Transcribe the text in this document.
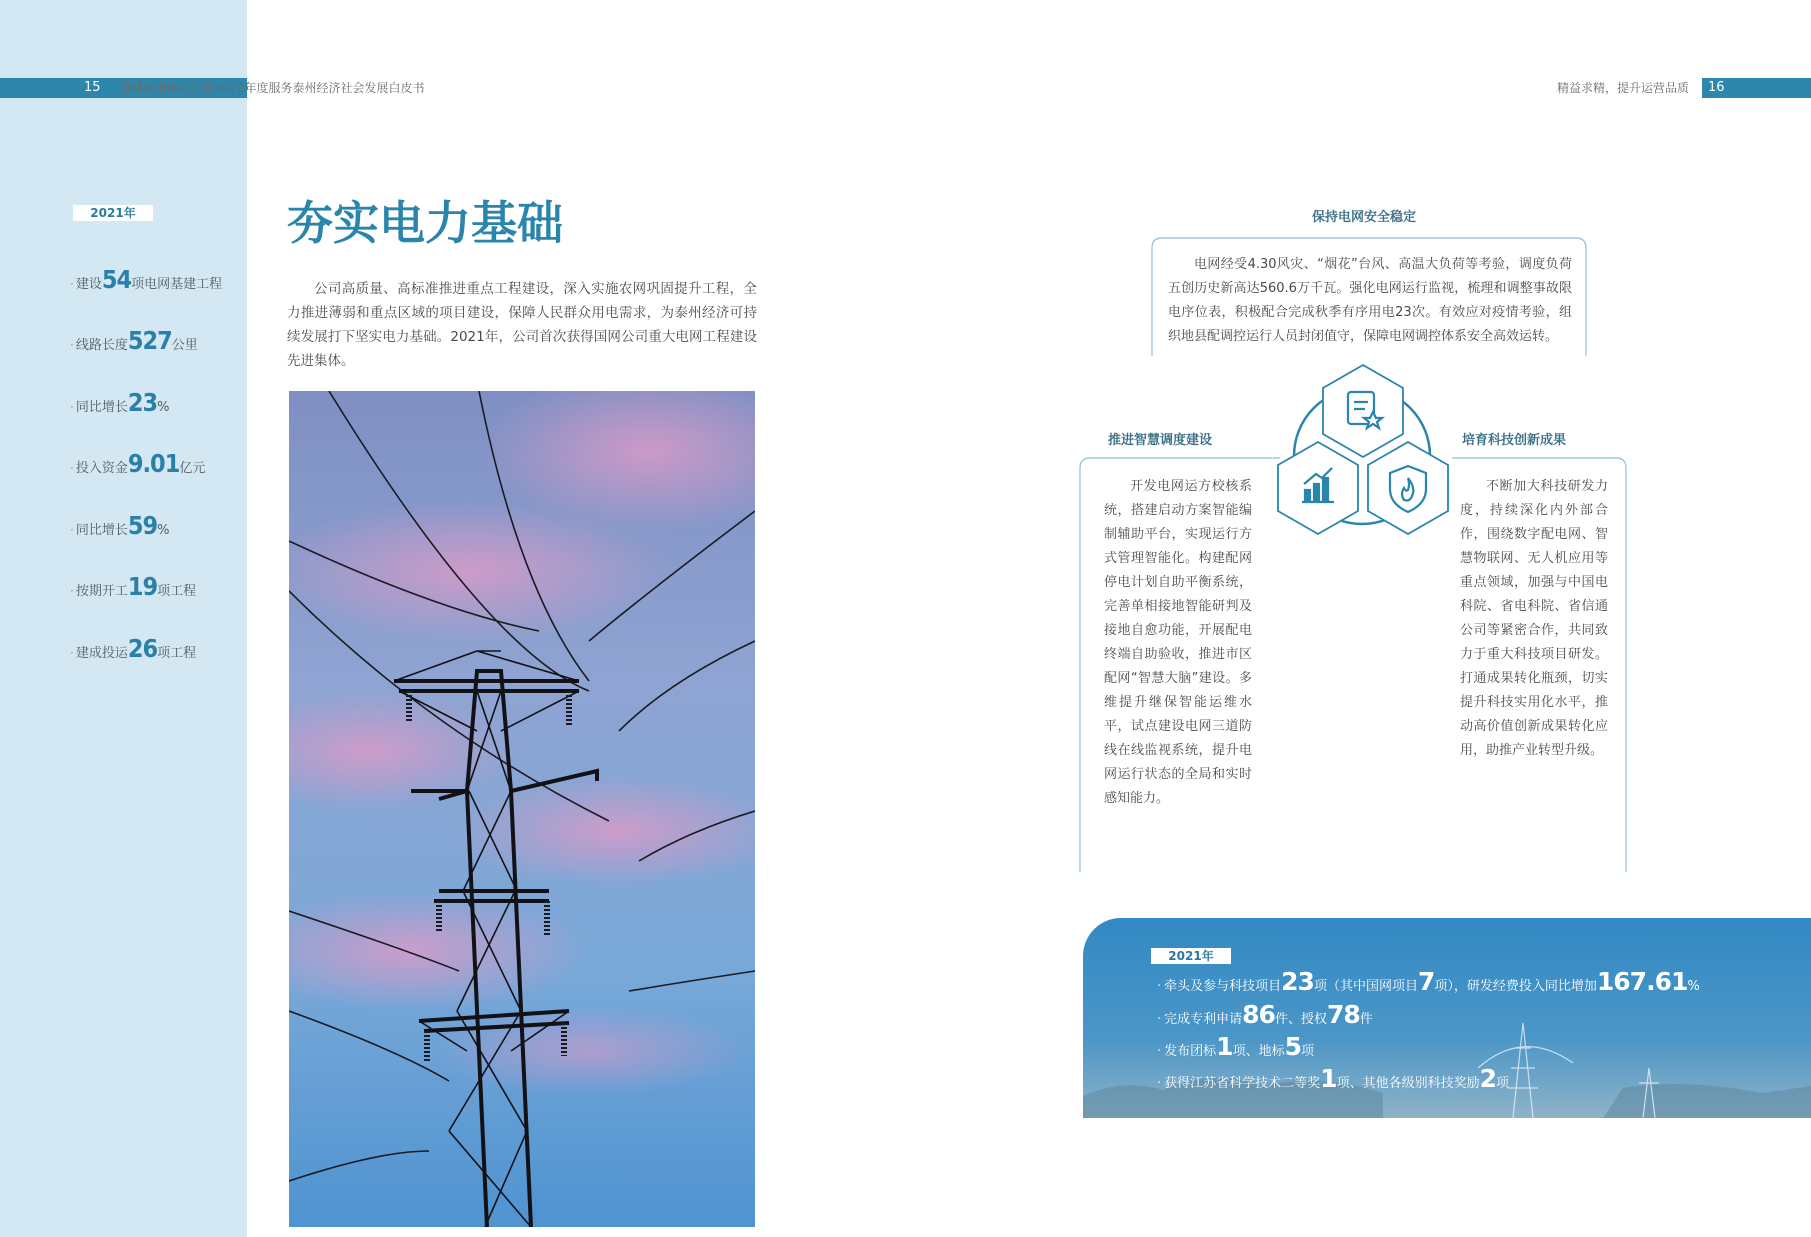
15	16
国网泰州供电公司2022年度服务泰州经济社会发展白皮书	精益求精，提升运营品质
2021年
· 建设54项电网基建工程
· 线路长度527公里
· 同比增长23%
· 投入资金9.01亿元
· 同比增长59%
· 按期开工19项工程
· 建成投运26项工程
夯实电力基础

公司高质量、高标准推进重点工程建设，深入实施农网巩固提升工程，全力推进薄弱和重点区域的项目建设，保障人民群众用电需求，为泰州经济可持续发展打下坚实电力基础。2021年，公司首次获得国网公司重大电网工程建设先进集体。

保持电网安全稳定

电网经受4.30风灾、“烟花”台风、高温大负荷等考验，调度负荷五创历史新高达560.6万千瓦。强化电网运行监视，梳理和调整事故限电序位表，积极配合完成秋季有序用电23次。有效应对疫情考验，组织地县配调控运行人员封闭值守，保障电网调控体系安全高效运转。

推进智慧调度建设

开发电网运方校核系统，搭建启动方案智能编制辅助平台，实现运行方式管理智能化。构建配网停电计划自助平衡系统，完善单相接地智能研判及接地自愈功能，开展配电终端自助验收，推进市区配网“智慧大脑”建设。多维提升继保智能运维水平，试点建设电网三道防线在线监视系统，提升电网运行状态的全局和实时感知能力。

培育科技创新成果

不断加大科技研发力度，持续深化内外部合作，围绕数字配电网、智慧物联网、无人机应用等重点领域，加强与中国电科院、省电科院、省信通公司等紧密合作，共同致力于重大科技项目研发。打通成果转化瓶颈，切实提升科技实用化水平，推动高价值创新成果转化应用，助推产业转型升级。

2021年
· 牵头及参与科技项目23项（其中国网项目7项），研发经费投入同比增加167.61%
· 完成专利申请86件、授权78件
· 发布团标1项、地标5项
· 获得江苏省科学技术二等奖1项、其他各级别科技奖励2项
